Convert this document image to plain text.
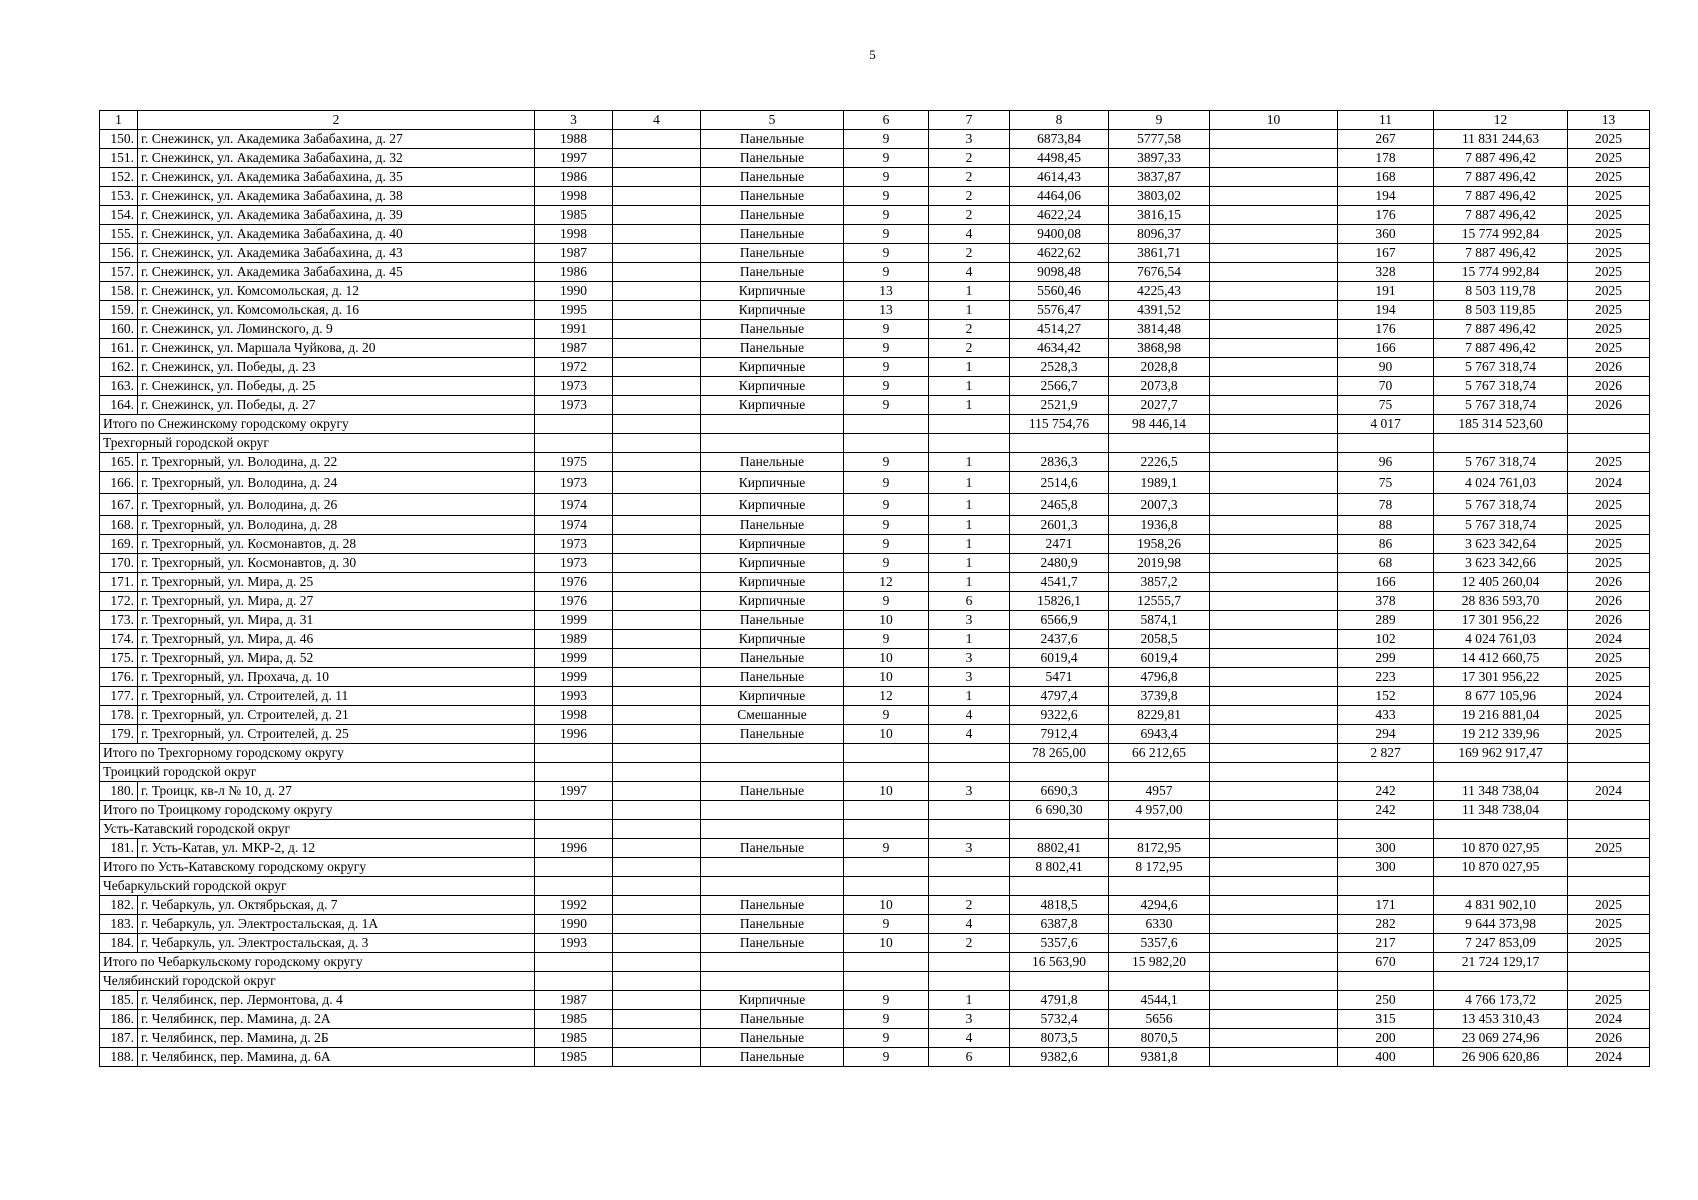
5
1	2	3	4	5	6	7	8	9	10	11	12	13
150.	г. Снежинск, ул. Академика Забабахина, д. 27	1988		Панельные	9	3	6873,84	5777,58		267	11 831 244,63	2025
151.	г. Снежинск, ул. Академика Забабахина, д. 32	1997		Панельные	9	2	4498,45	3897,33		178	7 887 496,42	2025
152.	г. Снежинск, ул. Академика Забабахина, д. 35	1986		Панельные	9	2	4614,43	3837,87		168	7 887 496,42	2025
153.	г. Снежинск, ул. Академика Забабахина, д. 38	1998		Панельные	9	2	4464,06	3803,02		194	7 887 496,42	2025
154.	г. Снежинск, ул. Академика Забабахина, д. 39	1985		Панельные	9	2	4622,24	3816,15		176	7 887 496,42	2025
155.	г. Снежинск, ул. Академика Забабахина, д. 40	1998		Панельные	9	4	9400,08	8096,37		360	15 774 992,84	2025
156.	г. Снежинск, ул. Академика Забабахина, д. 43	1987		Панельные	9	2	4622,62	3861,71		167	7 887 496,42	2025
157.	г. Снежинск, ул. Академика Забабахина, д. 45	1986		Панельные	9	4	9098,48	7676,54		328	15 774 992,84	2025
158.	г. Снежинск, ул. Комсомольская, д. 12	1990		Кирпичные	13	1	5560,46	4225,43		191	8 503 119,78	2025
159.	г. Снежинск, ул. Комсомольская, д. 16	1995		Кирпичные	13	1	5576,47	4391,52		194	8 503 119,85	2025
160.	г. Снежинск, ул. Ломинского, д. 9	1991		Панельные	9	2	4514,27	3814,48		176	7 887 496,42	2025
161.	г. Снежинск, ул. Маршала Чуйкова, д. 20	1987		Панельные	9	2	4634,42	3868,98		166	7 887 496,42	2025
162.	г. Снежинск, ул. Победы, д. 23	1972		Кирпичные	9	1	2528,3	2028,8		90	5 767 318,74	2026
163.	г. Снежинск, ул. Победы, д. 25	1973		Кирпичные	9	1	2566,7	2073,8		70	5 767 318,74	2026
164.	г. Снежинск, ул. Победы, д. 27	1973		Кирпичные	9	1	2521,9	2027,7		75	5 767 318,74	2026
Итого по Снежинскому городскому округу							115 754,76	98 446,14		4 017	185 314 523,60	
Трехгорный городской округ												
165.	г. Трехгорный, ул. Володина, д. 22	1975		Панельные	9	1	2836,3	2226,5		96	5 767 318,74	2025
166.	г. Трехгорный, ул. Володина, д. 24	1973		Кирпичные	9	1	2514,6	1989,1		75	4 024 761,03	2024
167.	г. Трехгорный, ул. Володина, д. 26	1974		Кирпичные	9	1	2465,8	2007,3		78	5 767 318,74	2025
168.	г. Трехгорный, ул. Володина, д. 28	1974		Панельные	9	1	2601,3	1936,8		88	5 767 318,74	2025
169.	г. Трехгорный, ул. Космонавтов, д. 28	1973		Кирпичные	9	1	2471	1958,26		86	3 623 342,64	2025
170.	г. Трехгорный, ул. Космонавтов, д. 30	1973		Кирпичные	9	1	2480,9	2019,98		68	3 623 342,66	2025
171.	г. Трехгорный, ул. Мира, д. 25	1976		Кирпичные	12	1	4541,7	3857,2		166	12 405 260,04	2026
172.	г. Трехгорный, ул. Мира, д. 27	1976		Кирпичные	9	6	15826,1	12555,7		378	28 836 593,70	2026
173.	г. Трехгорный, ул. Мира, д. 31	1999		Панельные	10	3	6566,9	5874,1		289	17 301 956,22	2026
174.	г. Трехгорный, ул. Мира, д. 46	1989		Кирпичные	9	1	2437,6	2058,5		102	4 024 761,03	2024
175.	г. Трехгорный, ул. Мира, д. 52	1999		Панельные	10	3	6019,4	6019,4		299	14 412 660,75	2025
176.	г. Трехгорный, ул. Прохача, д. 10	1999		Панельные	10	3	5471	4796,8		223	17 301 956,22	2025
177.	г. Трехгорный, ул. Строителей, д. 11	1993		Кирпичные	12	1	4797,4	3739,8		152	8 677 105,96	2024
178.	г. Трехгорный, ул. Строителей, д. 21	1998		Смешанные	9	4	9322,6	8229,81		433	19 216 881,04	2025
179.	г. Трехгорный, ул. Строителей, д. 25	1996		Панельные	10	4	7912,4	6943,4		294	19 212 339,96	2025
Итого по Трехгорному городскому округу							78 265,00	66 212,65		2 827	169 962 917,47	
Троицкий городской округ												
180.	г. Троицк, кв-л № 10, д. 27	1997		Панельные	10	3	6690,3	4957		242	11 348 738,04	2024
Итого по Троицкому городскому округу							6 690,30	4 957,00		242	11 348 738,04	
Усть-Катавский городской округ												
181.	г. Усть-Катав, ул. МКР-2, д. 12	1996		Панельные	9	3	8802,41	8172,95		300	10 870 027,95	2025
Итого по Усть-Катавскому городскому округу							8 802,41	8 172,95		300	10 870 027,95	
Чебаркульский городской округ												
182.	г. Чебаркуль, ул. Октябрьская, д. 7	1992		Панельные	10	2	4818,5	4294,6		171	4 831 902,10	2025
183.	г. Чебаркуль, ул. Электростальская, д. 1А	1990		Панельные	9	4	6387,8	6330		282	9 644 373,98	2025
184.	г. Чебаркуль, ул. Электростальская, д. 3	1993		Панельные	10	2	5357,6	5357,6		217	7 247 853,09	2025
Итого по Чебаркульскому городскому округу							16 563,90	15 982,20		670	21 724 129,17	
Челябинский городской округ												
185.	г. Челябинск, пер. Лермонтова, д. 4	1987		Кирпичные	9	1	4791,8	4544,1		250	4 766 173,72	2025
186.	г. Челябинск, пер. Мамина, д. 2А	1985		Панельные	9	3	5732,4	5656		315	13 453 310,43	2024
187.	г. Челябинск, пер. Мамина, д. 2Б	1985		Панельные	9	4	8073,5	8070,5		200	23 069 274,96	2026
188.	г. Челябинск, пер. Мамина, д. 6А	1985		Панельные	9	6	9382,6	9381,8		400	26 906 620,86	2024
